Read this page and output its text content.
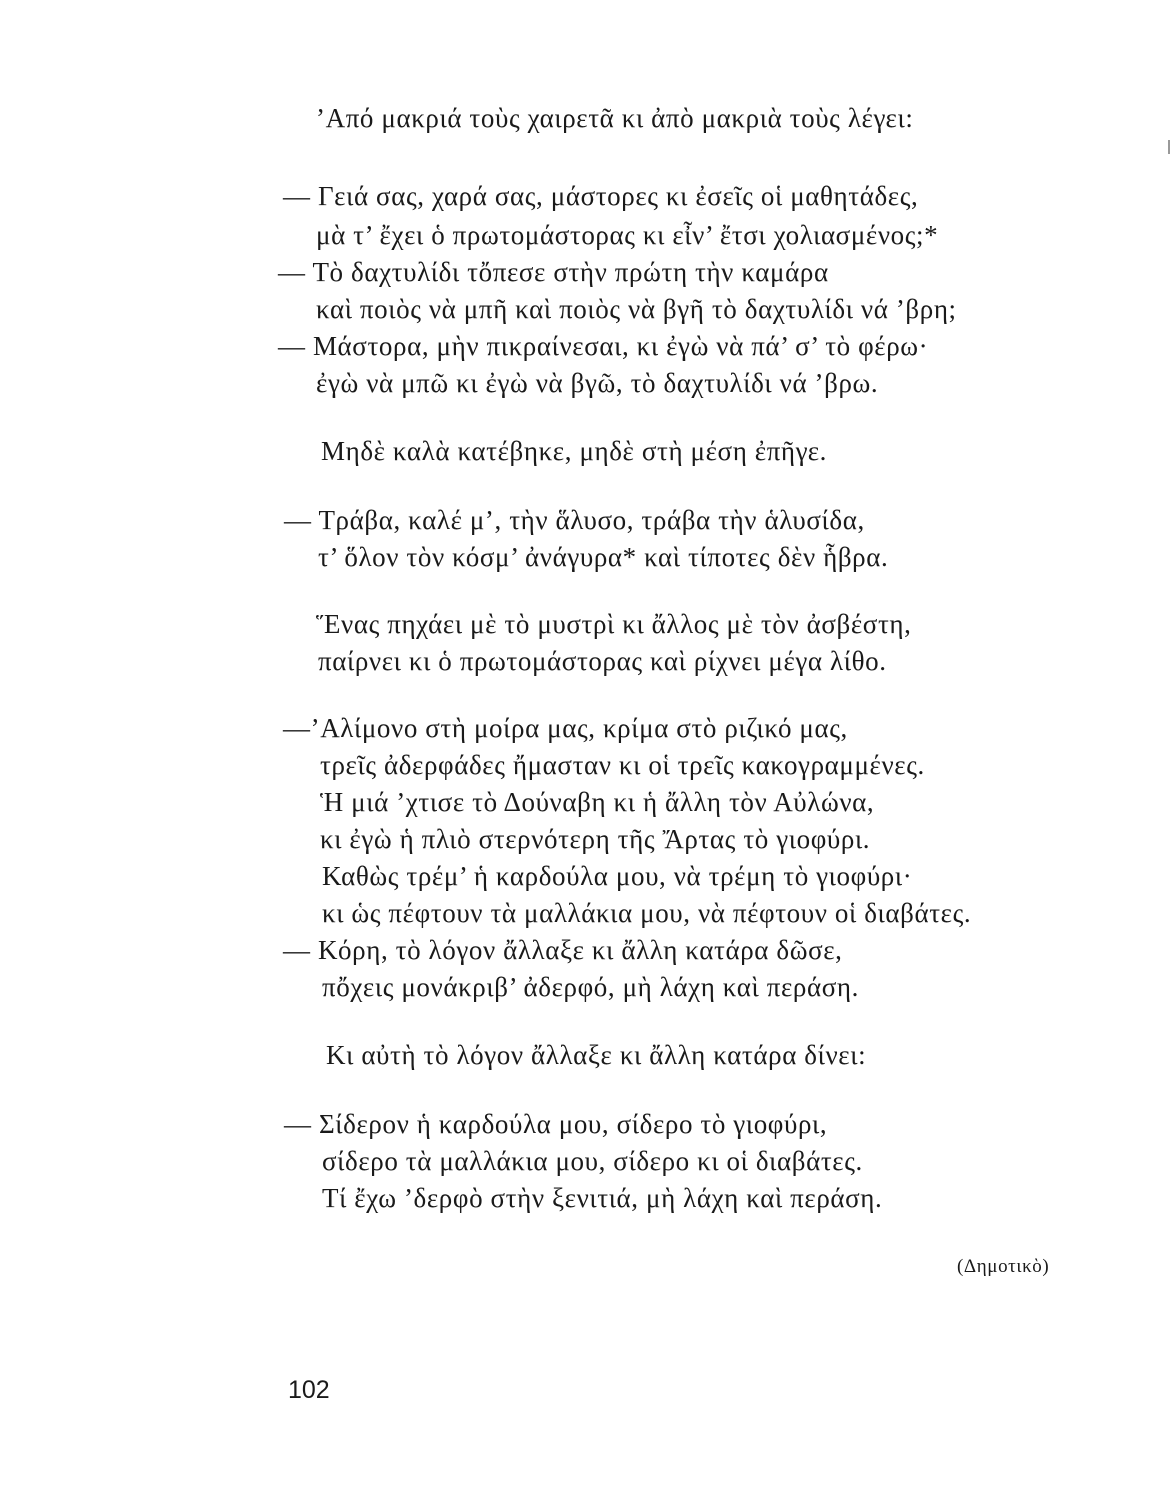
’Από μακριά τοὺς χαιρετᾶ κι ἀπὸ μακριὰ τοὺς λέγει:
— Γειά σας, χαρά σας, μάστορες κι ἐσεῖς οἱ μαθητάδες,
μὰ τ’ ἔχει ὁ πρωτομάστορας κι εἶν’ ἔτσι χολιασμένος;*
— Τὸ δαχτυλίδι τὄπεσε στὴν πρώτη τὴν καμάρα
καὶ ποιὸς νὰ μπῆ καὶ ποιὸς νὰ βγῆ τὸ δαχτυλίδι νά ’βρη;
— Μάστορα, μὴν πικραίνεσαι, κι ἐγὼ νὰ πά’ σ’ τὸ φέρω·
ἐγὼ νὰ μπῶ κι ἐγὼ νὰ βγῶ, τὸ δαχτυλίδι νά ’βρω.
Μηδὲ καλὰ κατέβηκε, μηδὲ στὴ μέση ἐπῆγε.
— Τράβα, καλέ μ’, τὴν ἅλυσο, τράβα τὴν ἁλυσίδα,
τ’ ὅλον τὸν κόσμ’ ἀνάγυρα* καὶ τίποτες δὲν ἧβρα.
Ἕνας πηχάει μὲ τὸ μυστρὶ κι ἄλλος μὲ τὸν ἀσβέστη,
παίρνει κι ὁ πρωτομάστορας καὶ ρίχνει μέγα λίθο.
—’Αλίμονο στὴ μοίρα μας, κρίμα στὸ ριζικό μας,
τρεῖς ἀδερφάδες ἤμασταν κι οἱ τρεῖς κακογραμμένες.
Ἡ μιά ’χτισε τὸ Δούναβη κι ἡ ἄλλη τὸν Αὐλώνα,
κι ἐγὼ ἡ πλιὸ στερνότερη τῆς Ἄρτας τὸ γιοφύρι.
Καθὼς τρέμ’ ἡ καρδούλα μου, νὰ τρέμη τὸ γιοφύρι·
κι ὡς πέφτουν τὰ μαλλάκια μου, νὰ πέφτουν οἱ διαβάτες.
— Κόρη, τὸ λόγον ἄλλαξε κι ἄλλη κατάρα δῶσε,
πὄχεις μονάκριβ’ ἀδερφό, μὴ λάχη καὶ περάση.
Κι αὐτὴ τὸ λόγον ἄλλαξε κι ἄλλη κατάρα δίνει:
— Σίδερον ἡ καρδούλα μου, σίδερο τὸ γιοφύρι,
σίδερο τὰ μαλλάκια μου, σίδερο κι οἱ διαβάτες.
Τί ἔχω ’δερφὸ στὴν ξενιτιά, μὴ λάχη καὶ περάση.
(Δημοτικὸ)
102
